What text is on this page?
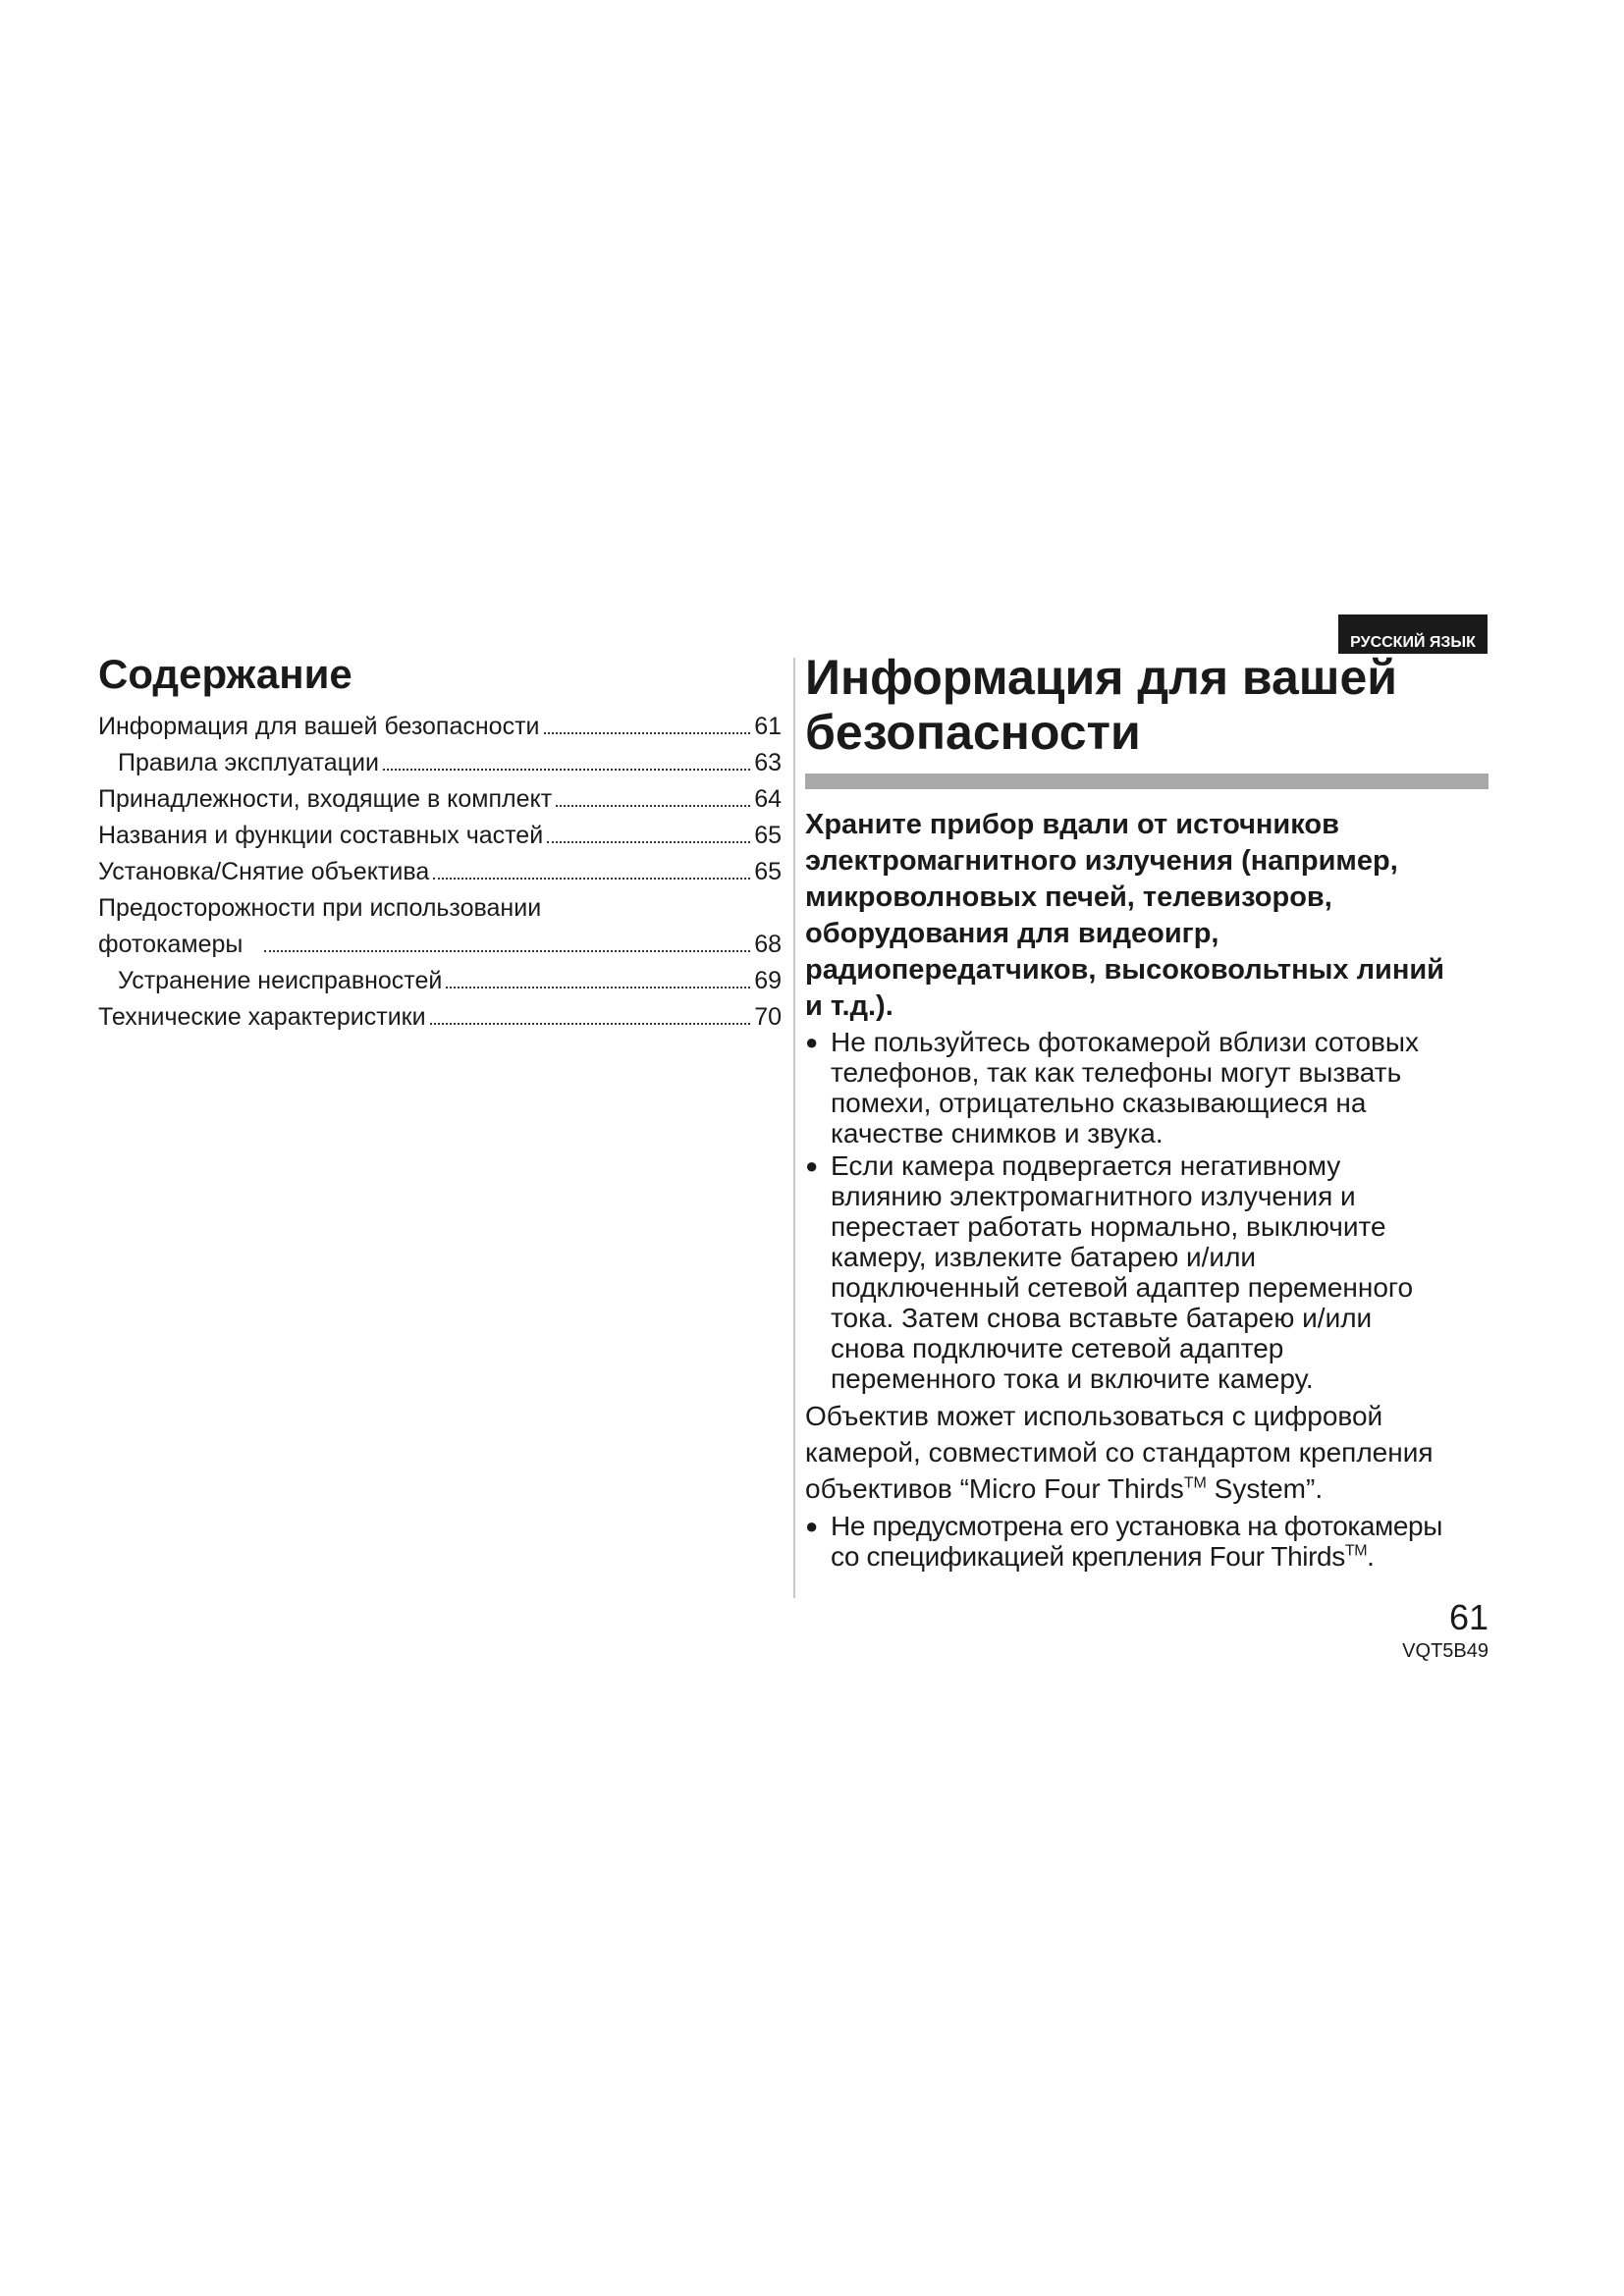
Содержание
Информация для вашей безопасности	61
Правила эксплуатации	63
Принадлежности, входящие в комплект	64
Названия и функции составных частей	65
Установка/Снятие объектива	65
Предосторожности при использовании
фотокамеры	68
Устранение неисправностей	69
Технические характеристики	70
РУССКИЙ ЯЗЫК
Информация для вашей
безопасности
Храните прибор вдали от источников
электромагнитного излучения (например,
микроволновых печей, телевизоров,
оборудования для видеоигр,
радиопередатчиков, высоковольтных линий
и т.д.).
● Не пользуйтесь фотокамерой вблизи сотовых
телефонов, так как телефоны могут вызвать
помехи, отрицательно сказывающиеся на
качестве снимков и звука.
● Если камера подвергается негативному
влиянию электромагнитного излучения и
перестает работать нормально, выключите
камеру, извлеките батарею и/или
подключенный сетевой адаптер переменного
тока. Затем снова вставьте батарею и/или
снова подключите сетевой адаптер
переменного тока и включите камеру.
Объектив может использоваться с цифровой
камерой, совместимой со стандартом крепления
объективов “Micro Four Thirds™ System”.
● Не предусмотрена его установка на фотокамеры
со спецификацией крепления Four Thirds™.
61
VQT5B49
